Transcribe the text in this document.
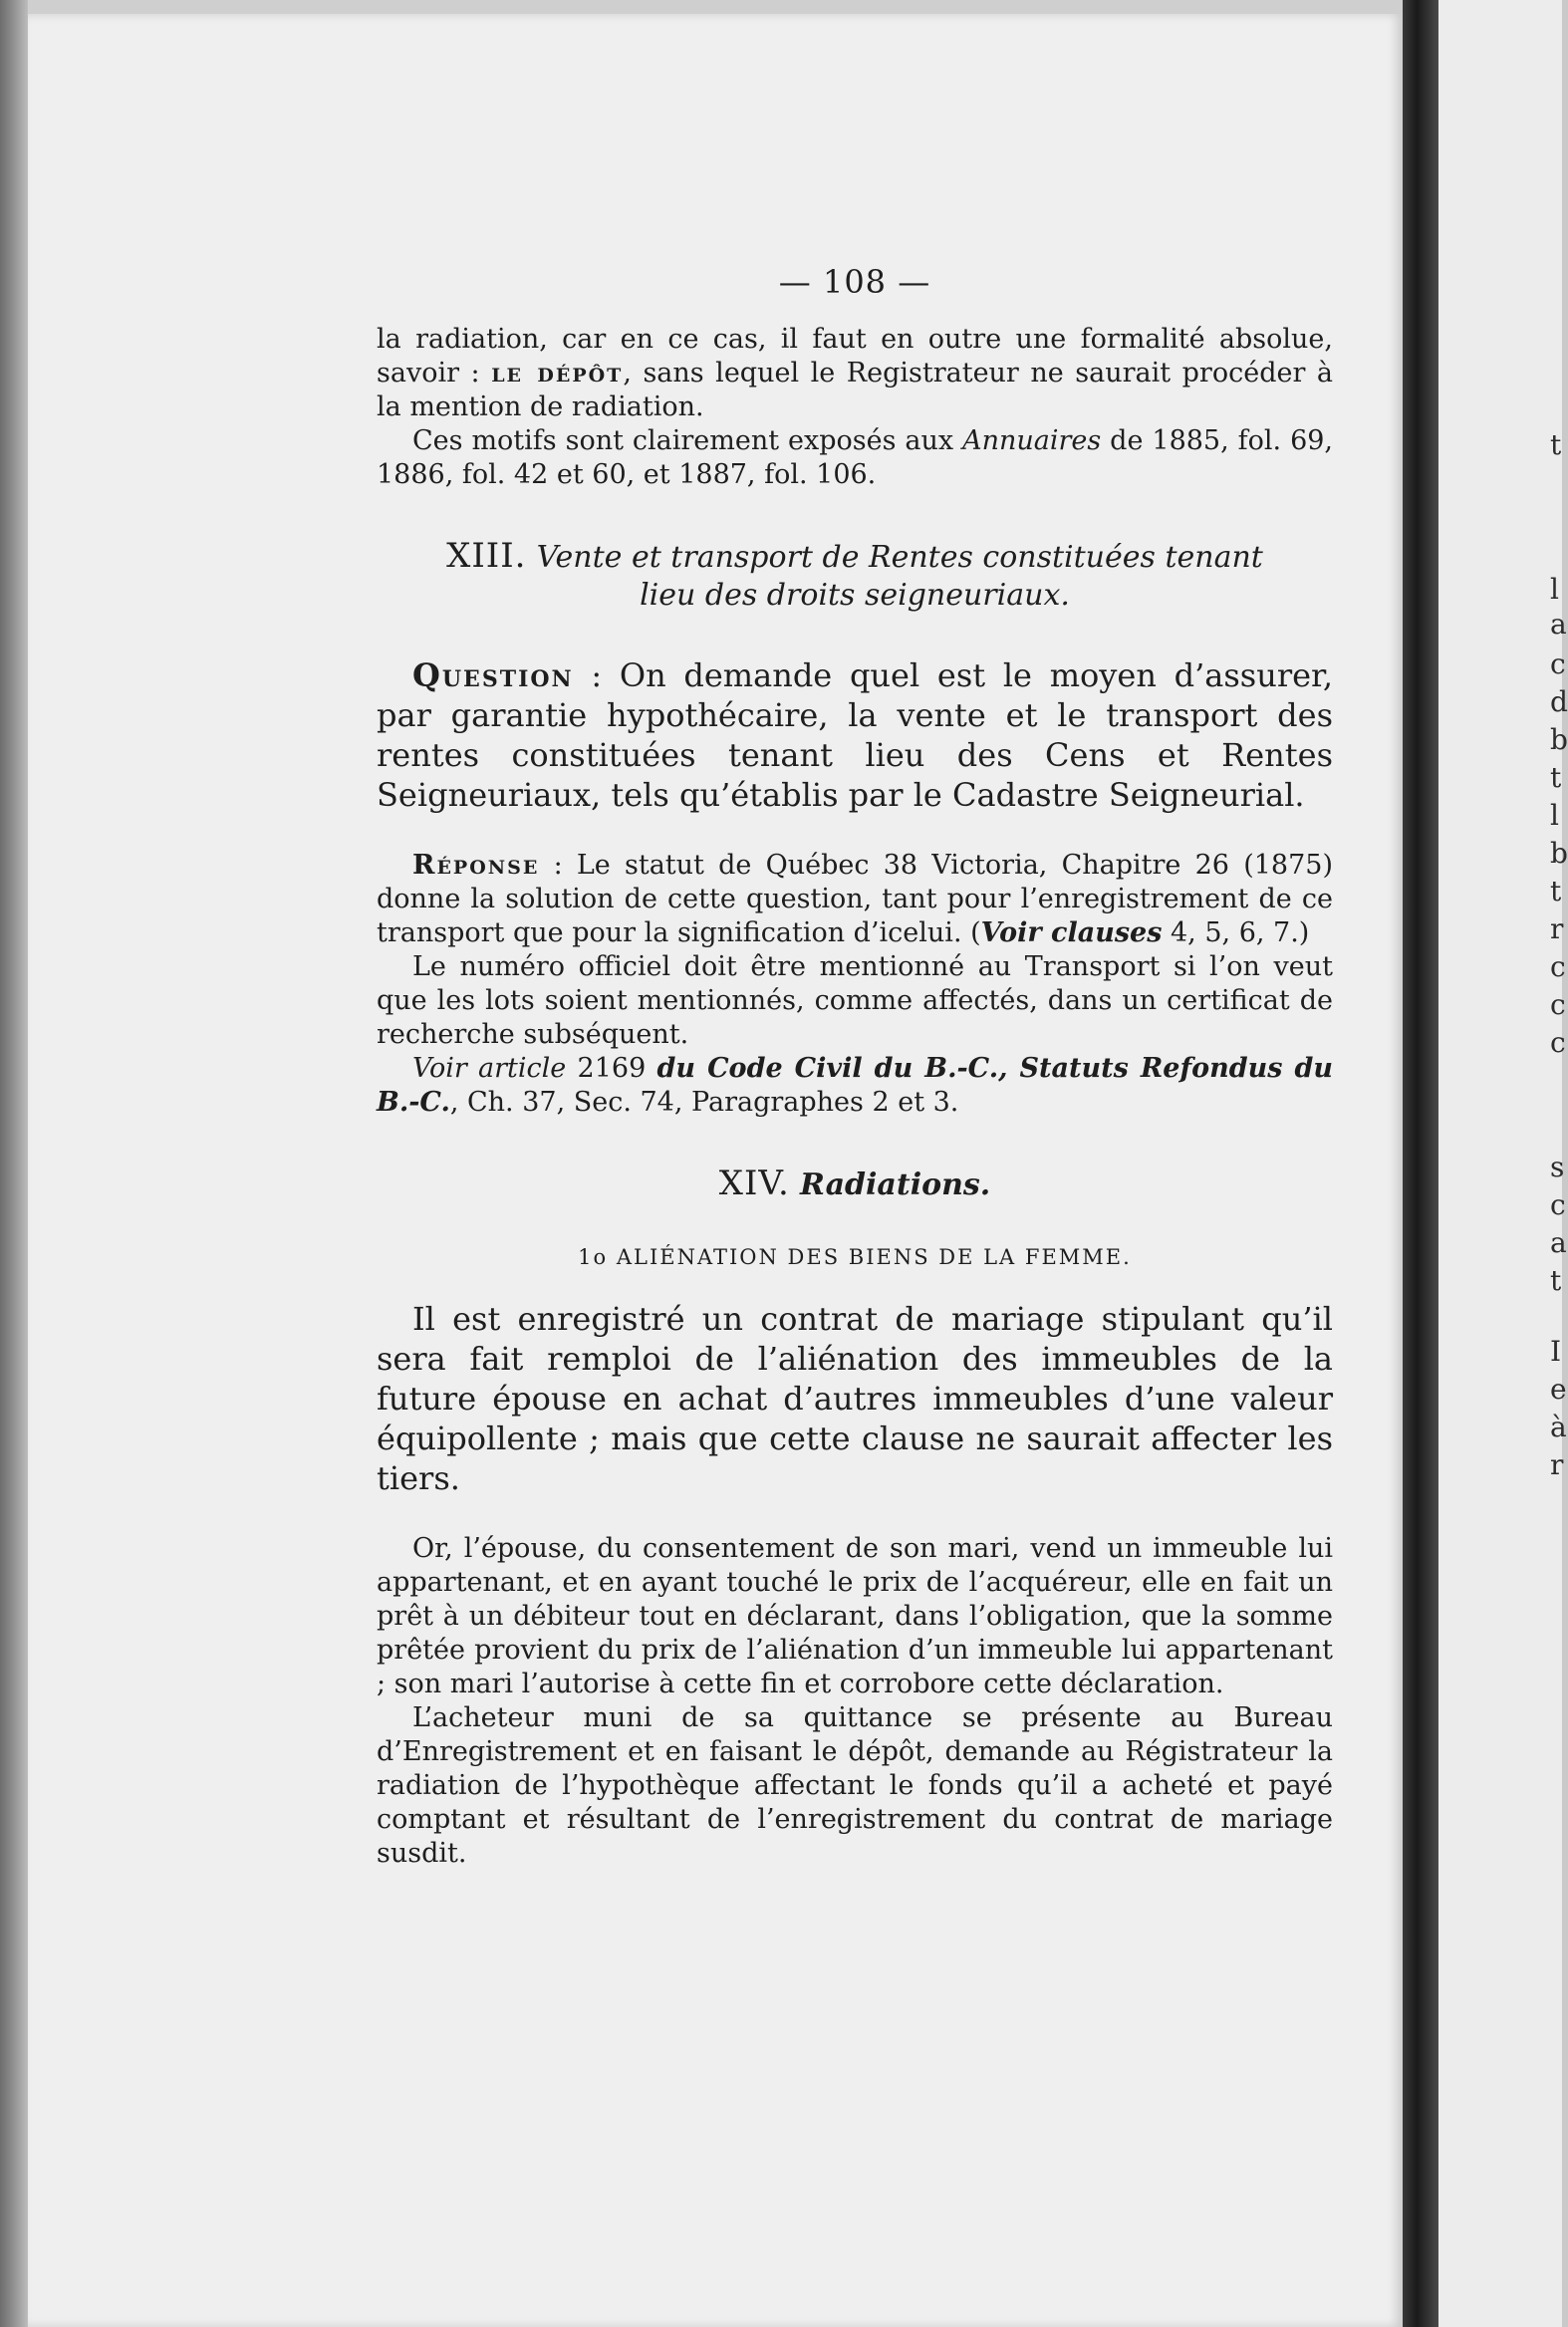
— 108 —

la radiation, car en ce cas, il faut en outre une formalité absolue, savoir : le dépôt, sans lequel le Registrateur ne saurait procéder à la mention de radiation.

Ces motifs sont clairement exposés aux Annuaires de 1885, fol. 69, 1886, fol. 42 et 60, et 1887, fol. 106.

XIII. Vente et transport de Rentes constituées tenant
lieu des droits seigneuriaux.

Question : On demande quel est le moyen d’assurer, par garantie hypothécaire, la vente et le transport des rentes constituées tenant lieu des Cens et Rentes Seigneuriaux, tels qu’établis par le Cadastre Seigneurial.

Réponse : Le statut de Québec 38 Victoria, Chapitre 26 (1875) donne la solution de cette question, tant pour l’enregistrement de ce transport que pour la signification d’icelui. (Voir clauses 4, 5, 6, 7.)

Le numéro officiel doit être mentionné au Transport si l’on veut que les lots soient mentionnés, comme affectés, dans un certificat de recherche subséquent.

Voir article 2169 du Code Civil du B.-C., Statuts Refondus du B.-C., Ch. 37, Sec. 74, Paragraphes 2 et 3.

XIV. Radiations.
1o ALIÉNATION DES BIENS DE LA FEMME.

Il est enregistré un contrat de mariage stipulant qu’il sera fait remploi de l’aliénation des immeubles de la future épouse en achat d’autres immeubles d’une valeur équipollente ; mais que cette clause ne saurait affecter les tiers.

Or, l’épouse, du consentement de son mari, vend un immeuble lui appartenant, et en ayant touché le prix de l’acquéreur, elle en fait un prêt à un débiteur tout en déclarant, dans l’obligation, que la somme prêtée provient du prix de l’aliénation d’un immeuble lui appartenant ; son mari l’autorise à cette fin et corrobore cette déclaration.

L’acheteur muni de sa quittance se présente au Bureau d’Enregistrement et en faisant le dépôt, demande au Régistrateur la radiation de l’hypothèque affectant le fonds qu’il a acheté et payé comptant et résultant de l’enregistrement du contrat de mariage susdit.

t
l
a
c
d
b
t
l
b
t
r
c
c
c
s
c
a
t
I
e
à
r
